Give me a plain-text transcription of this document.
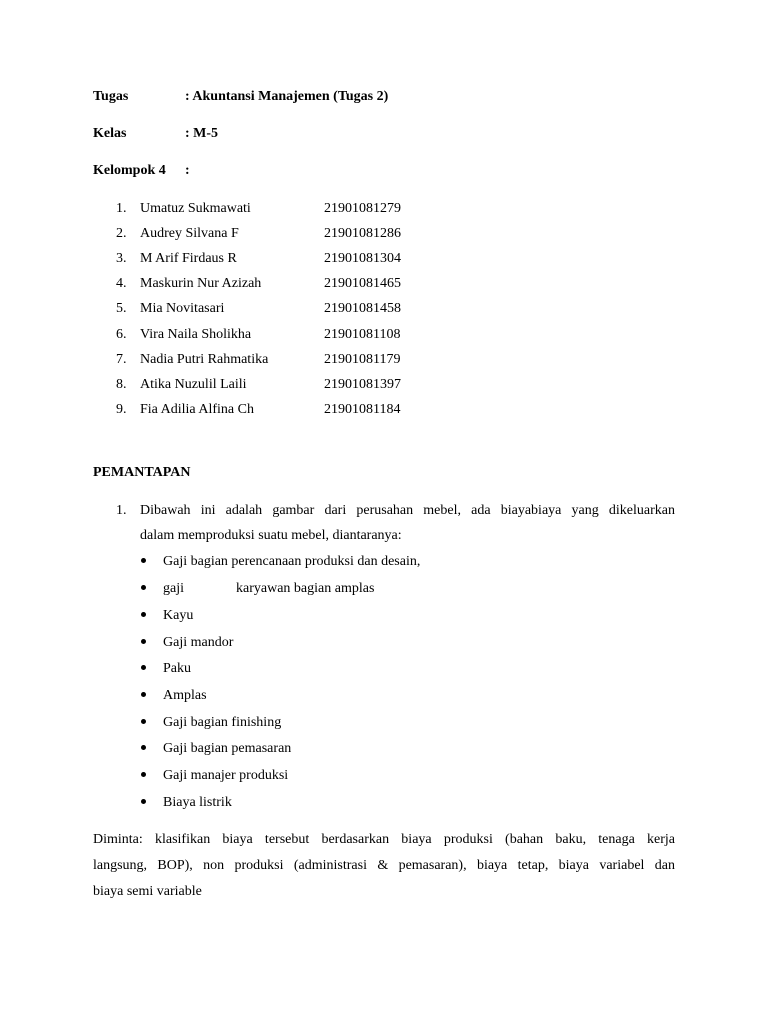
Tugas	: Akuntansi Manajemen (Tugas 2)
Kelas	: M-5
Kelompok 4 :
1. Umatuz Sukmawati	21901081279
2. Audrey Silvana F	21901081286
3. M Arif Firdaus R	21901081304
4. Maskurin Nur Azizah	21901081465
5. Mia Novitasari	21901081458
6. Vira Naila Sholikha	21901081108
7. Nadia Putri Rahmatika	21901081179
8. Atika Nuzulil Laili	21901081397
9. Fia Adilia Alfina Ch	21901081184
PEMANTAPAN
1. Dibawah ini adalah gambar dari perusahan mebel, ada biayabiaya yang dikeluarkan
dalam memproduksi suatu mebel, diantaranya:
Gaji bagian perencanaan produksi dan desain,
gaji	karyawan bagian amplas
Kayu
Gaji mandor
Paku
Amplas
Gaji bagian finishing
Gaji bagian pemasaran
Gaji manajer produksi
Biaya listrik
Diminta: klasifikan biaya tersebut berdasarkan biaya produksi (bahan baku, tenaga kerja
langsung, BOP), non produksi (administrasi & pemasaran), biaya tetap, biaya variabel dan
biaya semi variable
